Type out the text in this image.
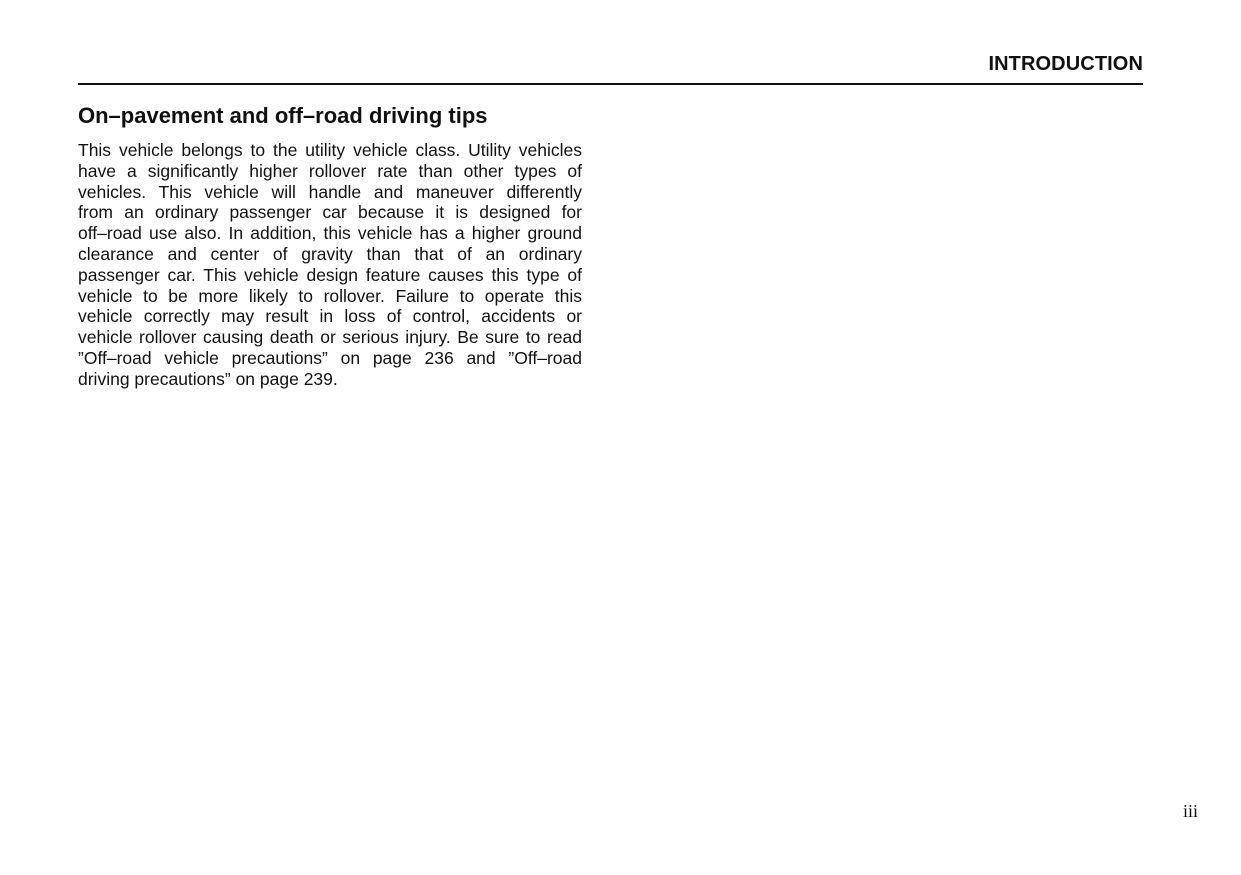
INTRODUCTION
On–pavement and off–road driving tips

This vehicle belongs to the utility vehicle class. Utility vehicles
have a significantly higher rollover rate than other types of
vehicles. This vehicle will handle and maneuver differently
from an ordinary passenger car because it is designed for
off–road use also. In addition, this vehicle has a higher ground
clearance and center of gravity than that of an ordinary
passenger car. This vehicle design feature causes this type of
vehicle to be more likely to rollover. Failure to operate this
vehicle correctly may result in loss of control, accidents or
vehicle rollover causing death or serious injury. Be sure to read
”Off–road vehicle precautions” on page 236 and ”Off–road
driving precautions” on page 239.

iii
